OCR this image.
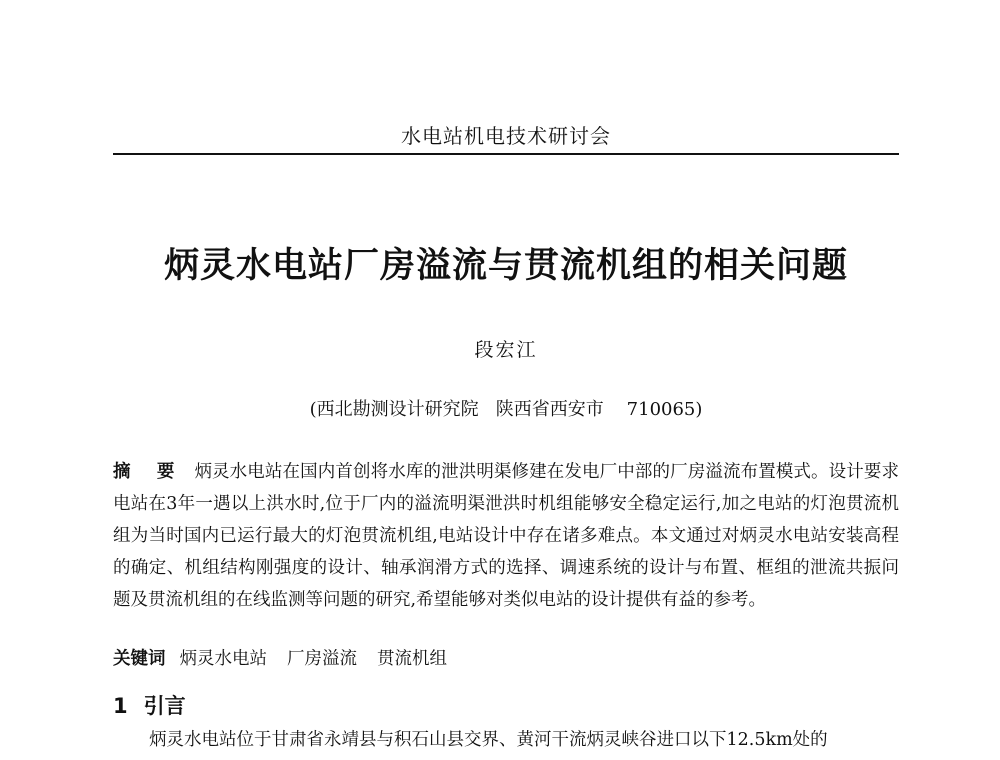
水电站机电技术研讨会
炳灵水电站厂房溢流与贯流机组的相关问题
段宏江
(西北勘测设计研究院 陕西省西安市 710065)
摘 要 炳灵水电站在国内首创将水库的泄洪明渠修建在发电厂中部的厂房溢流布置模式。设计要求电站在3年一遇以上洪水时,位于厂内的溢流明渠泄洪时机组能够安全稳定运行,加之电站的灯泡贯流机组为当时国内已运行最大的灯泡贯流机组,电站设计中存在诸多难点。本文通过对炳灵水电站安装高程的确定、机组结构刚强度的设计、轴承润滑方式的选择、调速系统的设计与布置、框组的泄流共振问题及贯流机组的在线监测等问题的研究,希望能够对类似电站的设计提供有益的参考。
关键词 炳灵水电站 厂房溢流 贯流机组
1 引言
炳灵水电站位于甘肃省永靖县与积石山县交界、黄河干流炳灵峡谷进口以下12.5km处的
